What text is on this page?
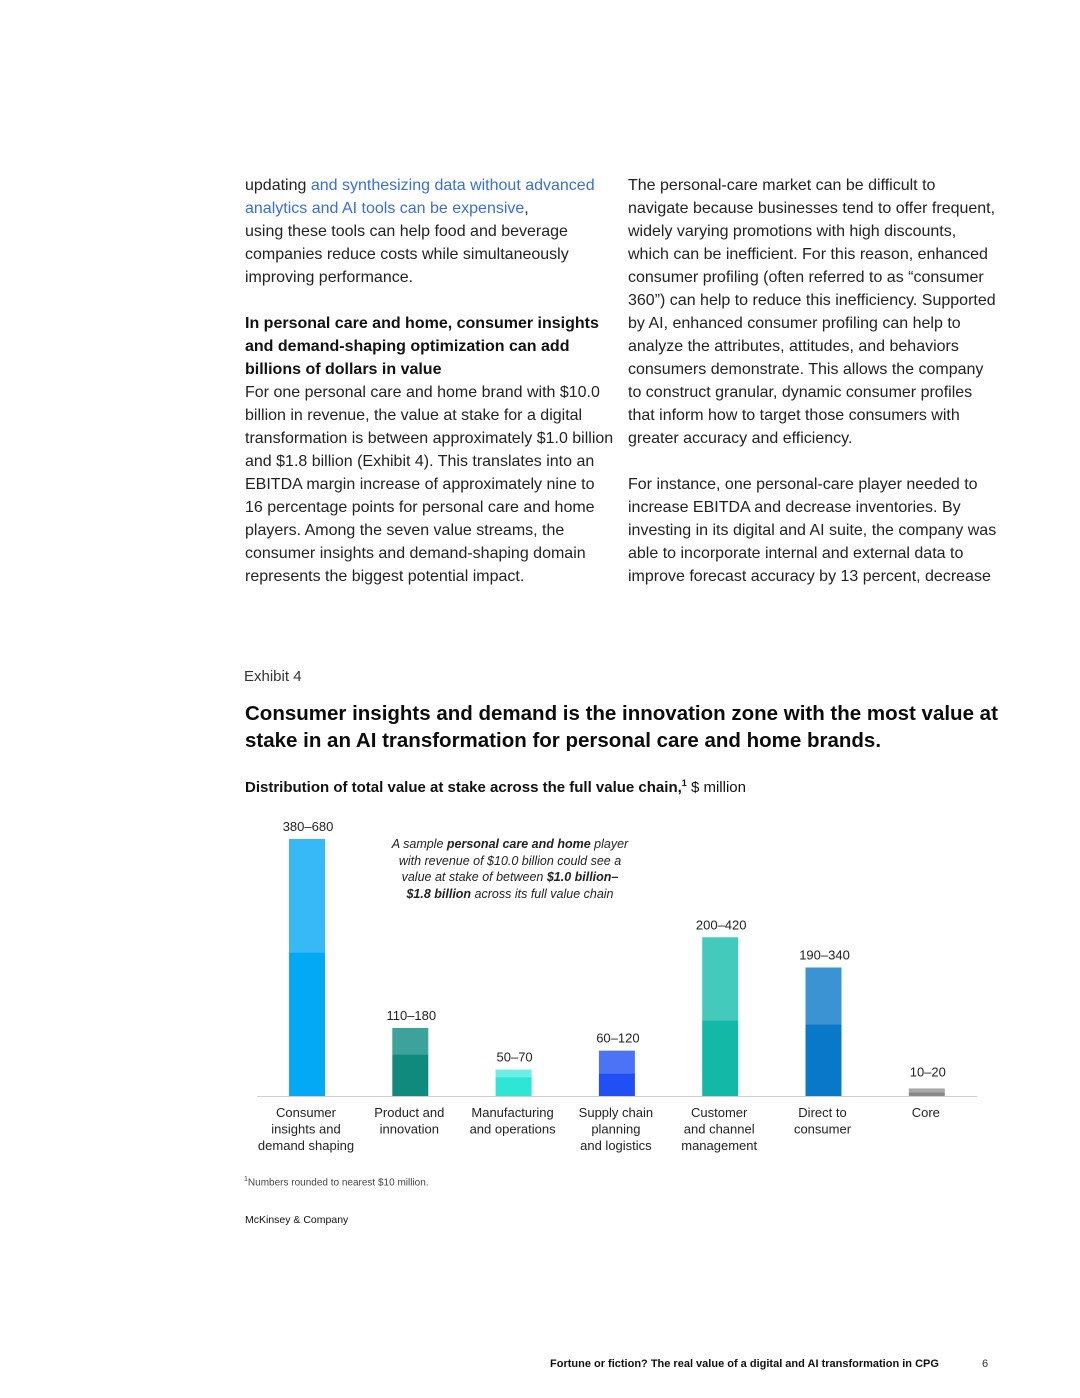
updating and synthesizing data without advanced analytics and AI tools can be expensive,
using these tools can help food and beverage companies reduce costs while simultaneously improving performance.

In personal care and home, consumer insights and demand-shaping optimization can add billions of dollars in value

For one personal care and home brand with $10.0 billion in revenue, the value at stake for a digital transformation is between approximately $1.0 billion and $1.8 billion (Exhibit 4). This translates into an EBITDA margin increase of approximately nine to 16 percentage points for personal care and home players. Among the seven value streams, the consumer insights and demand-shaping domain represents the biggest potential impact.

The personal-care market can be difficult to navigate because businesses tend to offer frequent, widely varying promotions with high discounts, which can be inefficient. For this reason, enhanced consumer profiling (often referred to as “consumer 360”) can help to reduce this inefficiency. Supported by AI, enhanced consumer profiling can help to analyze the attributes, attitudes, and behaviors consumers demonstrate. This allows the company to construct granular, dynamic consumer profiles that inform how to target those consumers with greater accuracy and efficiency.

For instance, one personal-care player needed to increase EBITDA and decrease inventories. By investing in its digital and AI suite, the company was able to incorporate internal and external data to improve forecast accuracy by 13 percent, decrease

Exhibit 4
Consumer insights and demand is the innovation zone with the most value at stake in an AI transformation for personal care and home brands.
Distribution of total value at stake across the full value chain,$^1$ $ million
380–680
Consumer
insights and
demand shaping
110–180
Product and
innovation
50–70
Manufacturing
and operations
60–120
Supply chain
planning
and logistics
200–420
Customer
and channel
management
190–340
Direct to
consumer
10–20
Core
A sample personal care and home player with revenue of $10.0 billion could see a value at stake of between $1.0 billion–$1.8 billion across its full value chain
$^1$Numbers rounded to nearest $10 million.
McKinsey & Company
Fortune or fiction? The real value of a digital and AI transformation in CPG	6
